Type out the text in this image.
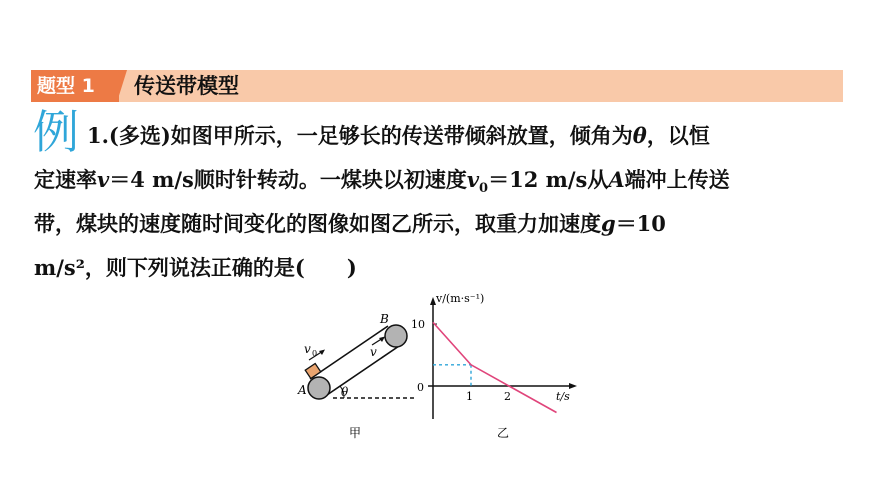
题型 1	传送带模型
例 1.(多选)如图甲所示，一足够长的传送带倾斜放置，倾角为θ，以恒
定速率v＝4 m/s顺时针转动。一煤块以初速度$v_0=12$ m/s从A端冲上传送
带，煤块的速度随时间变化的图像如图乙所示，取重力加速度g＝10
m/s²，则下列说法正确的是(　　)
A
B
v 0	v
θ
甲
v/(m·s⁻¹)
t/s
0
10
1	2
乙
